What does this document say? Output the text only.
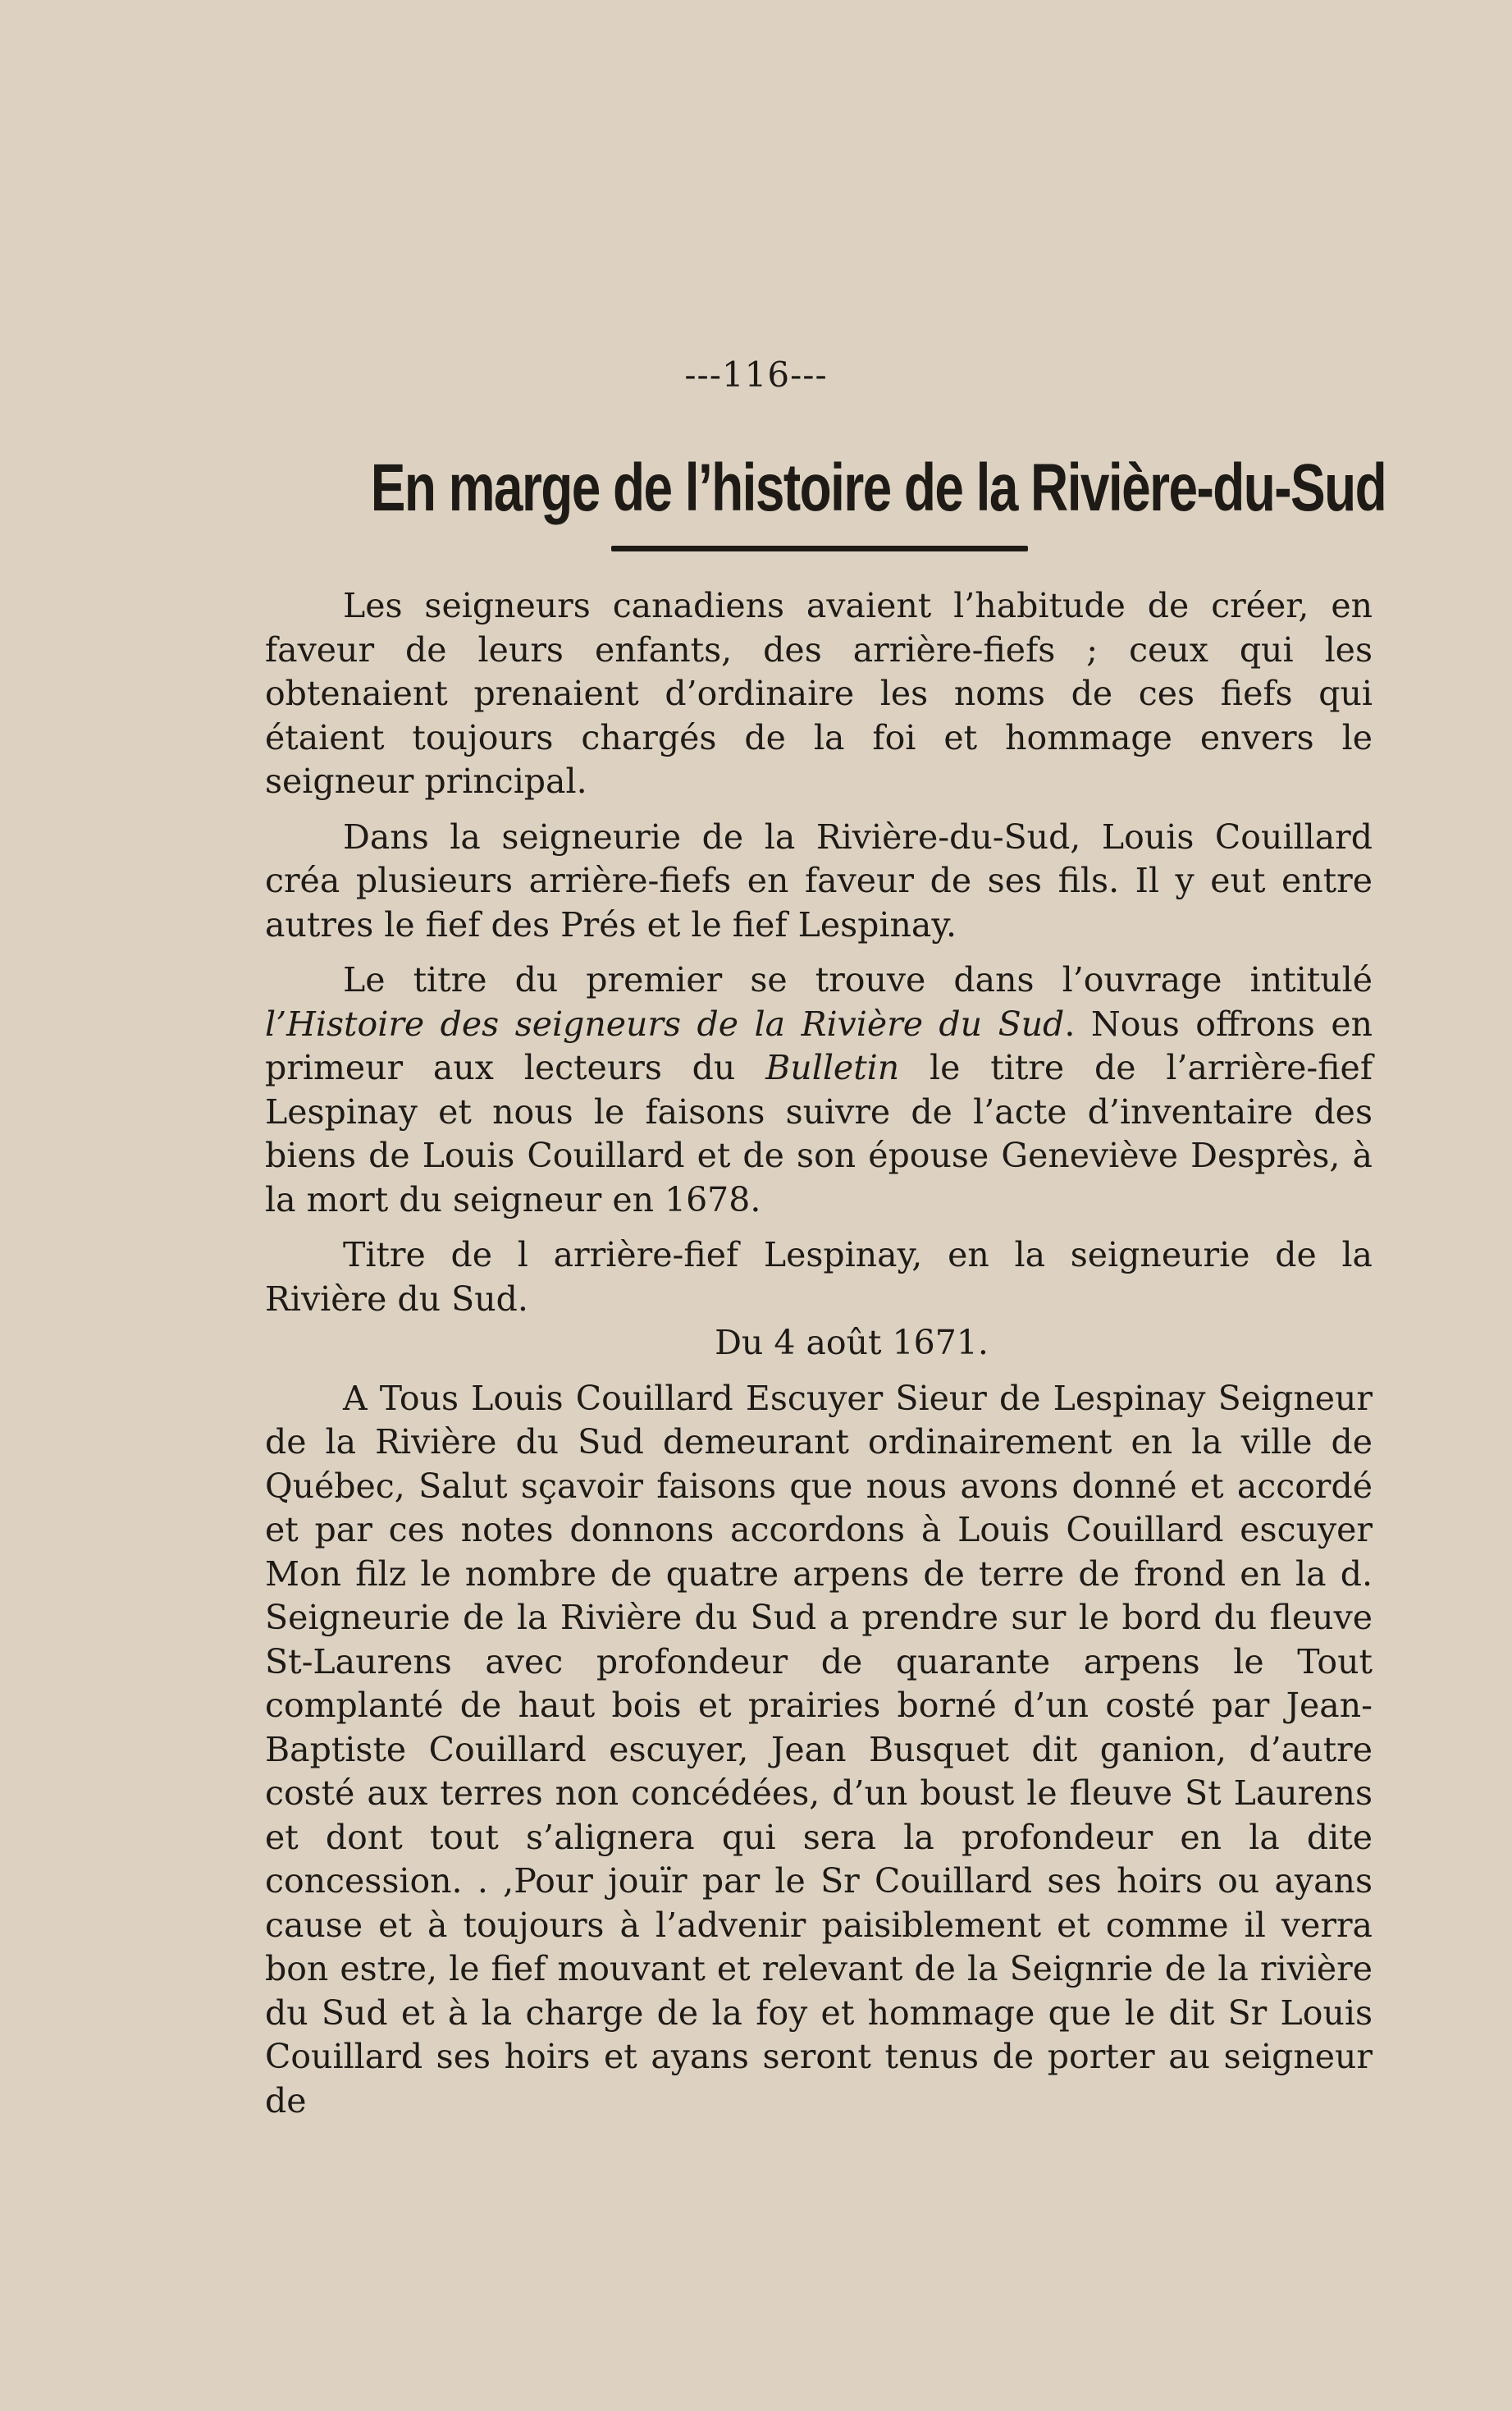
---116---
En marge de l’histoire de la Rivière-du-Sud

Les seigneurs canadiens avaient l’habitude de créer, en faveur de leurs enfants, des arrière-fiefs ; ceux qui les obtenaient prenaient d’ordinaire les noms de ces fiefs qui étaient toujours chargés de la foi et hommage envers le seigneur principal.

Dans la seigneurie de la Rivière-du-Sud, Louis Couillard créa plusieurs arrière-fiefs en faveur de ses fils. Il y eut entre autres le fief des Prés et le fief Lespinay.

Le titre du premier se trouve dans l’ouvrage intitulé l’Histoire des seigneurs de la Rivière du Sud. Nous offrons en primeur aux lecteurs du Bulletin le titre de l’arrière-fief Lespinay et nous le faisons suivre de l’acte d’inventaire des biens de Louis Couillard et de son épouse Geneviève Desprès, à la mort du seigneur en 1678.

Titre de l arrière-fief Lespinay, en la seigneurie de la Rivière du Sud.

Du 4 août 1671.

A Tous Louis Couillard Escuyer Sieur de Lespinay Seigneur de la Rivière du Sud demeurant ordinairement en la ville de Québec, Salut sçavoir faisons que nous avons donné et accordé et par ces notes donnons accordons à Louis Couillard escuyer Mon filz le nombre de quatre arpens de terre de frond en la d. Seigneurie de la Rivière du Sud a prendre sur le bord du fleuve St-Laurens avec profondeur de quarante arpens le Tout complanté de haut bois et prairies borné d’un costé par Jean-Baptiste Couillard escuyer, Jean Busquet dit ganion, d’autre costé aux terres non concédées, d’un boust le fleuve St Laurens et dont tout s’alignera qui sera la profondeur en la dite concession. . ,Pour jouïr par le Sr Couillard ses hoirs ou ayans cause et à toujours à l’advenir paisiblement et comme il verra bon estre, le fief mouvant et relevant de la Seignrie de la rivière du Sud et à la charge de la foy et hommage que le dit Sr Louis Couillard ses hoirs et ayans seront tenus de porter au seigneur de
